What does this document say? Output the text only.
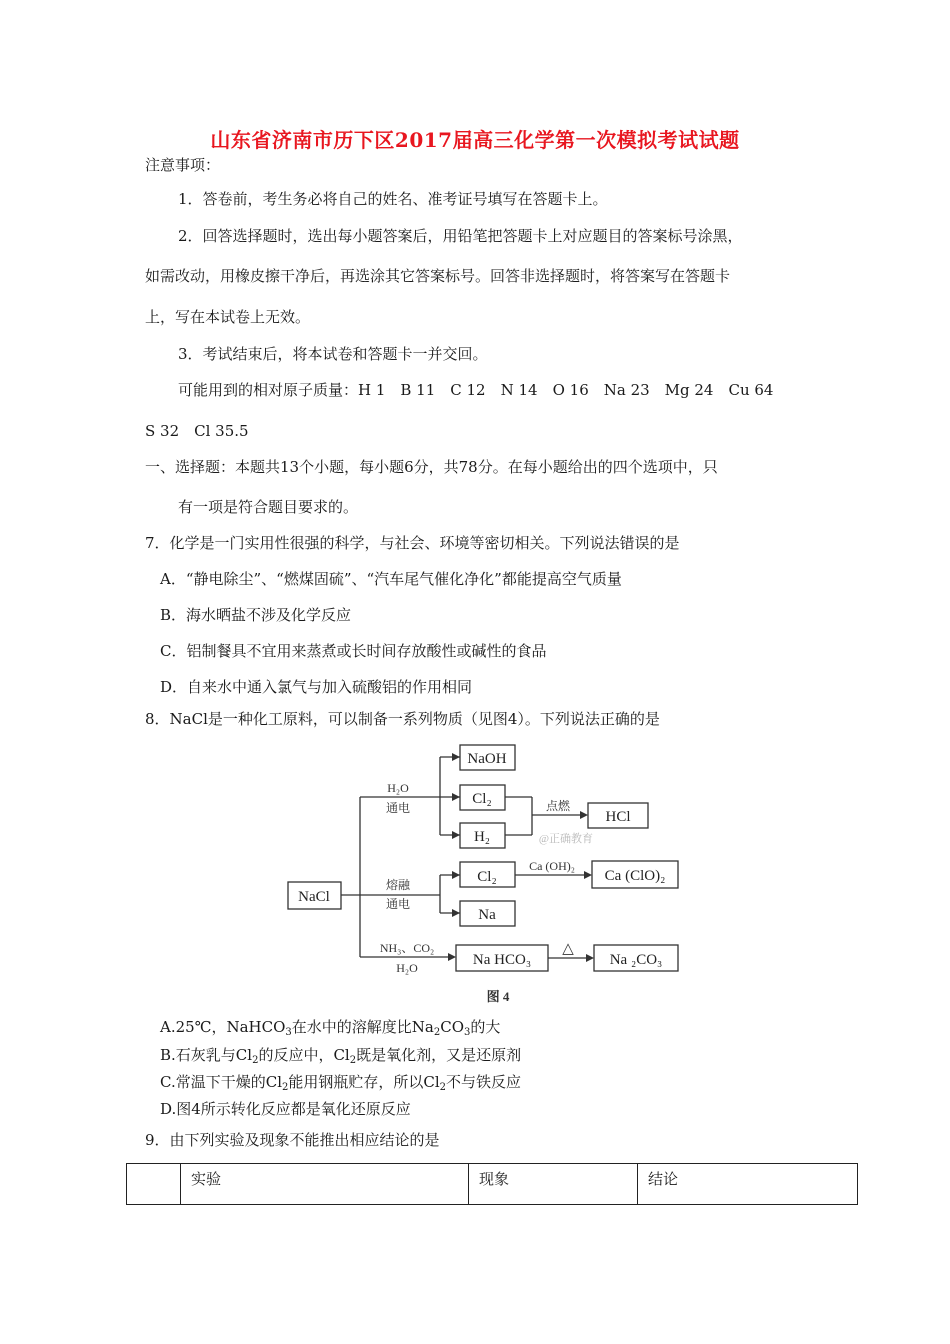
山东省济南市历下区2017届高三化学第一次模拟考试试题
注意事项：
1．答卷前，考生务必将自己的姓名、准考证号填写在答题卡上。
2．回答选择题时，选出每小题答案后，用铅笔把答题卡上对应题目的答案标号涂黑，
如需改动，用橡皮擦干净后，再选涂其它答案标号。回答非选择题时，将答案写在答题卡
上，写在本试卷上无效。
3．考试结束后，将本试卷和答题卡一并交回。
可能用到的相对原子质量：H 1　B 11　C 12　N 14　O 16　Na 23　Mg 24　Cu 64
S 32　Cl 35.5
一、选择题：本题共13个小题，每小题6分，共78分。在每小题给出的四个选项中，只
有一项是符合题目要求的。
7．化学是一门实用性很强的科学，与社会、环境等密切相关。下列说法错误的是
A．“静电除尘”、“燃煤固硫”、“汽车尾气催化净化”都能提高空气质量
B．海水晒盐不涉及化学反应
C．铝制餐具不宜用来蒸煮或长时间存放酸性或碱性的食品
D．自来水中通入氯气与加入硫酸铝的作用相同
8．NaCl是一种化工原料，可以制备一系列物质（见图4）。下列说法正确的是
NaCl
NaOH
Cl₂
H₂
HCl
Cl₂	Ca (ClO)₂
Na
Na HCO₃	Na ₂CO₃
H₂O
通电
熔融
通电
NH₃、CO₂
H₂O
点燃
Ca (OH)₂
△
@正确教育
图 4
A.25℃，NaHCO$_3$在水中的溶解度比$Na_2CO_3$的大
B.石灰乳与$Cl_2$的反应中，$Cl_2$既是氧化剂，又是还原剂
C.常温下干燥的$Cl_2$能用钢瓶贮存，所以$Cl_2$不与铁反应
D.图4所示转化反应都是氧化还原反应
9．由下列实验及现象不能推出相应结论的是
	实验	现象	结论
